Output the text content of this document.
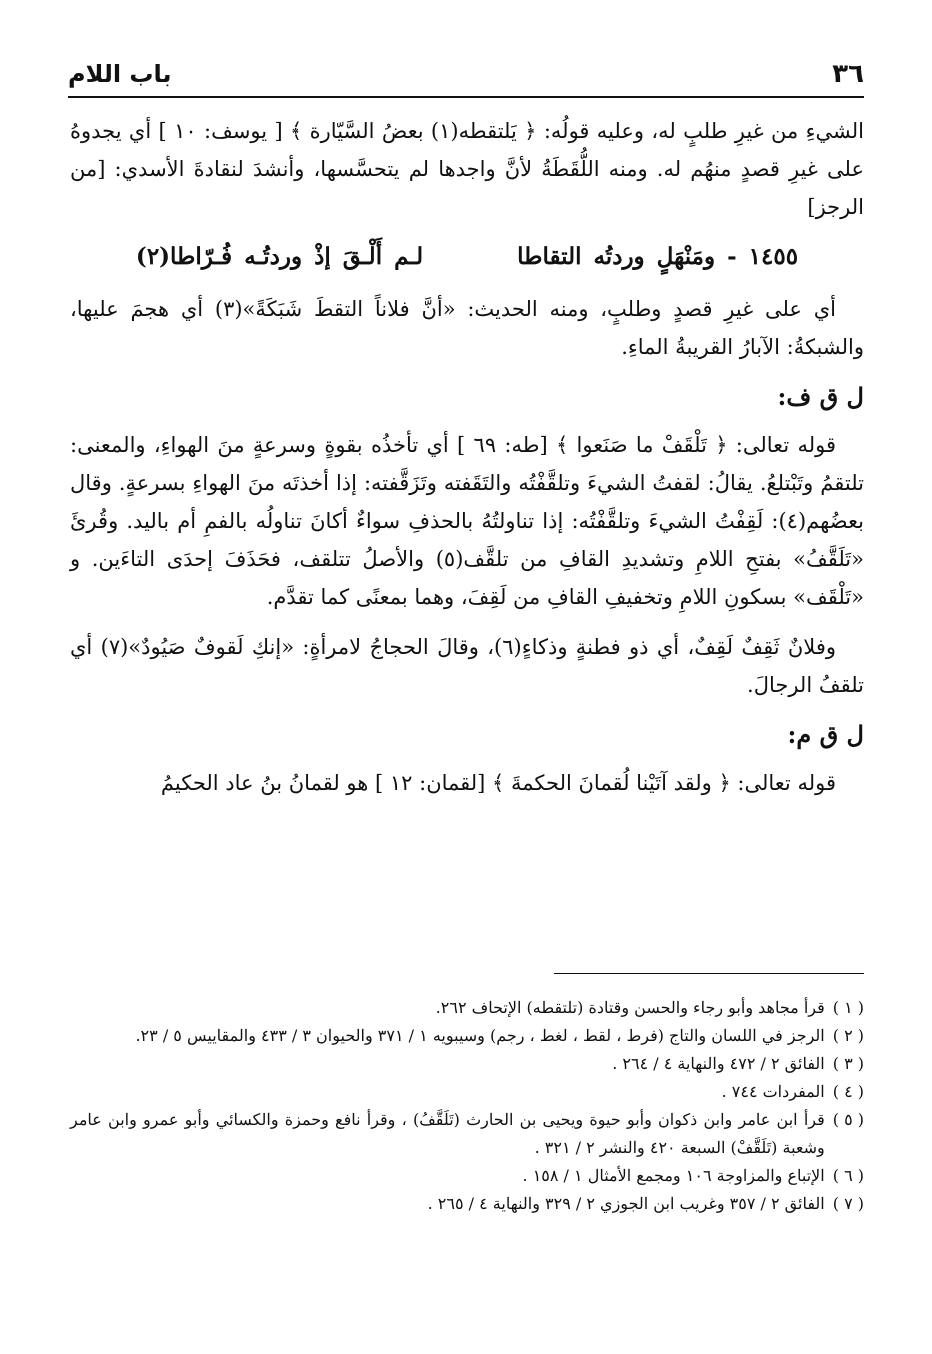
باب اللام	٣٦

الشيءِ من غيرِ طلبٍ له، وعليه قولُه: ﴿ يَلتقطه(١) بعضُ السَّيّارة ﴾ [ يوسف: ١٠ ] أي يجدوهُ على غيرِ قصدٍ منهُم له. ومنه اللُّقَطَةُ لأنَّ واجدها لم يتحسَّسها، وأنشدَ لنقادةَ الأسدي: [من الرجز]

١٤٥٥ - ومَنْهَلٍ وردتُه التقاطا  لـم أَلْـقَ إذْ وردتُـه فُـرّاطا(٢)

أي على غيرِ قصدٍ وطلبٍ، ومنه الحديث: «أنَّ فلاناً التقطَ شَبَكَةً»(٣) أي هجمَ عليها، والشبكةُ: الآبارُ القريبةُ الماءِ.

ل ق ف:

قوله تعالى: ﴿ تَلْقَفْ ما صَنَعوا ﴾ [طه: ٦٩ ] أي تأخذُه بقوةٍ وسرعةٍ منَ الهواءِ، والمعنى: تلتقمُ وتَبْتلعُ. يقالُ: لقفتُ الشيءَ وتلقَّفْتُه والتَقَفته وتَزَقَّفته: إذا أخذتَه منَ الهواءِ بسرعةٍ. وقال بعضُهم(٤): لَقِفْتُ الشيءَ وتلقَّفْتُه: إذا تناولتُهُ بالحذفِ سواءٌ أكانَ تناولُه بالفمِ أم باليد. وقُرئَ «تَلَقَّفُ» بفتحِ اللامِ وتشديدِ القافِ من تلقَّف(٥) والأصلُ تتلقف، فحَذَفَ إحدَى التاءَين. و «تَلْقَف» بسكونِ اللامِ وتخفيفِ القافِ من لَقِفَ، وهما بمعنًى كما تقدَّم.

وفلانٌ ثَقِفٌ لَقِفٌ، أي ذو فطنةٍ وذكاءٍ(٦)، وقالَ الحجاجُ لامرأةٍ: «إنكِ لَقوفٌ صَيُودٌ»(٧) أي تلقفُ الرجالَ.

ل ق م:

قوله تعالى: ﴿ ولقد آتَيْنا لُقمانَ الحكمةَ ﴾ [لقمان: ١٢ ] هو لقمانُ بنُ عاد الحكيمُ

( ١ )
قرأ مجاهد وأبو رجاء والحسن وقتادة (تلتقطه) الإتحاف ٢٦٢.
( ٢ )
الرجز في اللسان والتاج (فرط ، لقط ، لغط ، رجم) وسيبويه ١ / ٣٧١ والحيوان ٣ / ٤٣٣ والمقاييس ٥ / ٢٣.
( ٣ )
الفائق ٢ / ٤٧٢ والنهاية ٤ / ٢٦٤ .
( ٤ )
المفردات ٧٤٤ .
( ٥ )
قرأ ابن عامر وابن ذكوان وأبو حيوة ويحيى بن الحارث (تَلَقَّفُ) ، وقرأ نافع وحمزة والكسائي وأبو عمرو وابن عامر وشعبة (تَلَقَّفْ) السبعة ٤٢٠ والنشر ٢ / ٣٢١ .
( ٦ )
الإتباع والمزاوجة ١٠٦ ومجمع الأمثال ١ / ١٥٨ .
( ٧ )
الفائق ٢ / ٣٥٧ وغريب ابن الجوزي ٢ / ٣٢٩ والنهاية ٤ / ٢٦٥ .
